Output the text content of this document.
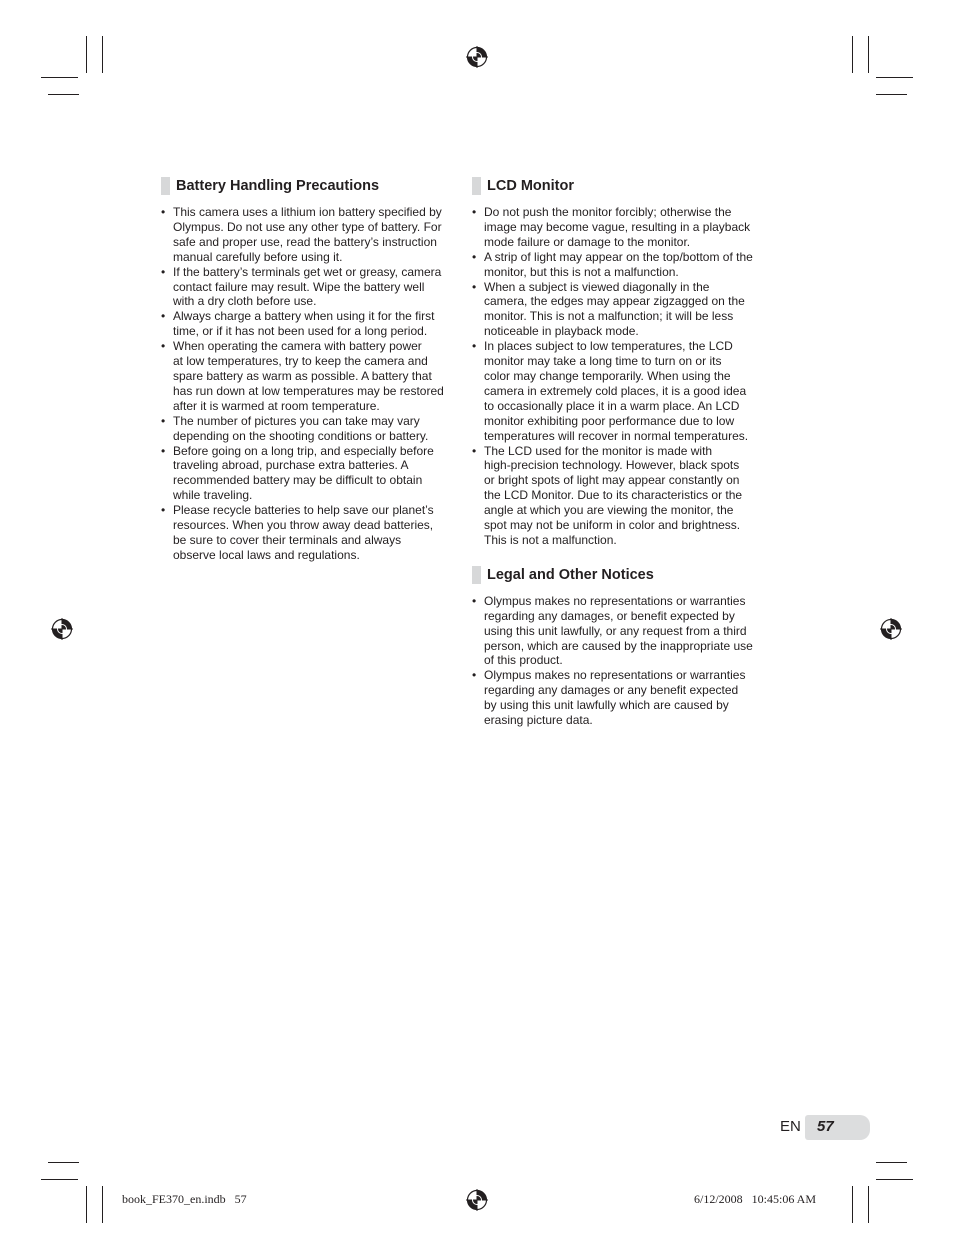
Battery Handling Precautions
• This camera uses a lithium ion battery specified by
Olympus. Do not use any other type of battery. For
safe and proper use, read the battery’s instruction
manual carefully before using it.
• If the battery’s terminals get wet or greasy, camera
contact failure may result. Wipe the battery well
with a dry cloth before use.
• Always charge a battery when using it for the first
time, or if it has not been used for a long period.
• When operating the camera with battery power
at low temperatures, try to keep the camera and
spare battery as warm as possible. A battery that
has run down at low temperatures may be restored
after it is warmed at room temperature.
• The number of pictures you can take may vary
depending on the shooting conditions or battery.
• Before going on a long trip, and especially before
traveling abroad, purchase extra batteries. A
recommended battery may be difficult to obtain
while traveling.
• Please recycle batteries to help save our planet’s
resources. When you throw away dead batteries,
be sure to cover their terminals and always
observe local laws and regulations.
LCD Monitor
• Do not push the monitor forcibly; otherwise the
image may become vague, resulting in a playback
mode failure or damage to the monitor.
• A strip of light may appear on the top/bottom of the
monitor, but this is not a malfunction.
• When a subject is viewed diagonally in the
camera, the edges may appear zigzagged on the
monitor. This is not a malfunction; it will be less
noticeable in playback mode.
• In places subject to low temperatures, the LCD
monitor may take a long time to turn on or its
color may change temporarily. When using the
camera in extremely cold places, it is a good idea
to occasionally place it in a warm place. An LCD
monitor exhibiting poor performance due to low
temperatures will recover in normal temperatures.
• The LCD used for the monitor is made with
high-precision technology. However, black spots
or bright spots of light may appear constantly on
the LCD Monitor. Due to its characteristics or the
angle at which you are viewing the monitor, the
spot may not be uniform in color and brightness.
This is not a malfunction.
Legal and Other Notices
• Olympus makes no representations or warranties
regarding any damages, or benefit expected by
using this unit lawfully, or any request from a third
person, which are caused by the inappropriate use
of this product.
• Olympus makes no representations or warranties
regarding any damages or any benefit expected
by using this unit lawfully which are caused by
erasing picture data.
EN 57
book_FE370_en.indb   57	6/12/2008   10:45:06 AM
